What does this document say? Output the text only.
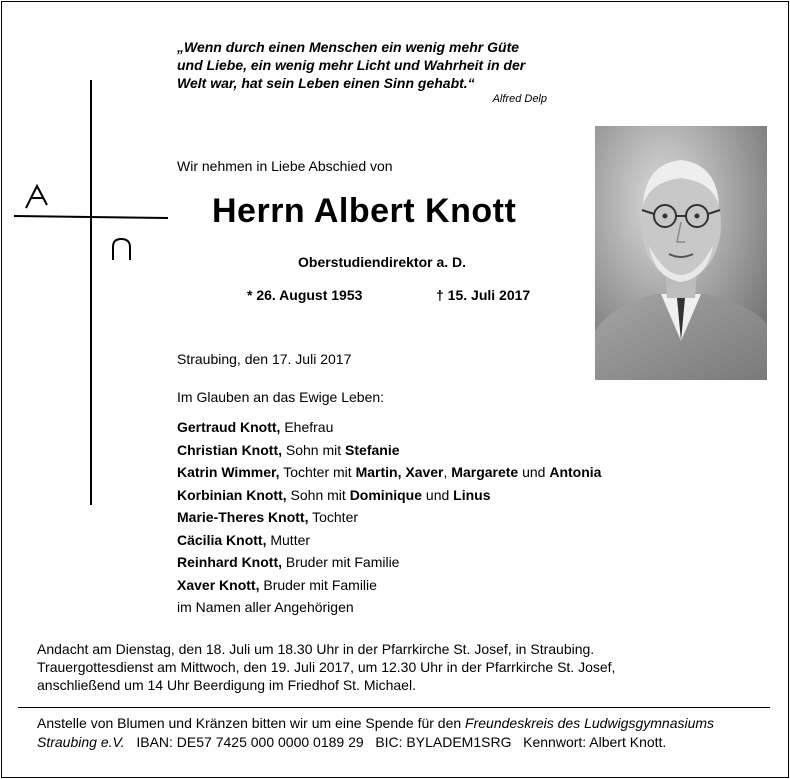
„Wenn durch einen Menschen ein wenig mehr Güte
und Liebe, ein wenig mehr Licht und Wahrheit in der
Welt war, hat sein Leben einen Sinn gehabt.“
Alfred Delp
Wir nehmen in Liebe Abschied von
Herrn Albert Knott
Oberstudiendirektor a. D.
* 26. August 1953	† 15. Juli 2017
Straubing, den 17. Juli 2017
Im Glauben an das Ewige Leben:
Gertraud Knott, Ehefrau
Christian Knott, Sohn mit Stefanie
Katrin Wimmer, Tochter mit Martin, Xaver, Margarete und Antonia
Korbinian Knott, Sohn mit Dominique und Linus
Marie-Theres Knott, Tochter
Cäcilia Knott, Mutter
Reinhard Knott, Bruder mit Familie
Xaver Knott, Bruder mit Familie
im Namen aller Angehörigen
Andacht am Dienstag, den 18. Juli um 18.30 Uhr in der Pfarrkirche St. Josef, in Straubing.
Trauergottesdienst am Mittwoch, den 19. Juli 2017, um 12.30 Uhr in der Pfarrkirche St. Josef,
anschließend um 14 Uhr Beerdigung im Friedhof St. Michael.
Anstelle von Blumen und Kränzen bitten wir um eine Spende für den Freundeskreis des Ludwigsgymnasiums
Straubing e.V.   IBAN: DE57 7425 000 0000 0189 29   BIC: BYLADEM1SRG   Kennwort: Albert Knott.
